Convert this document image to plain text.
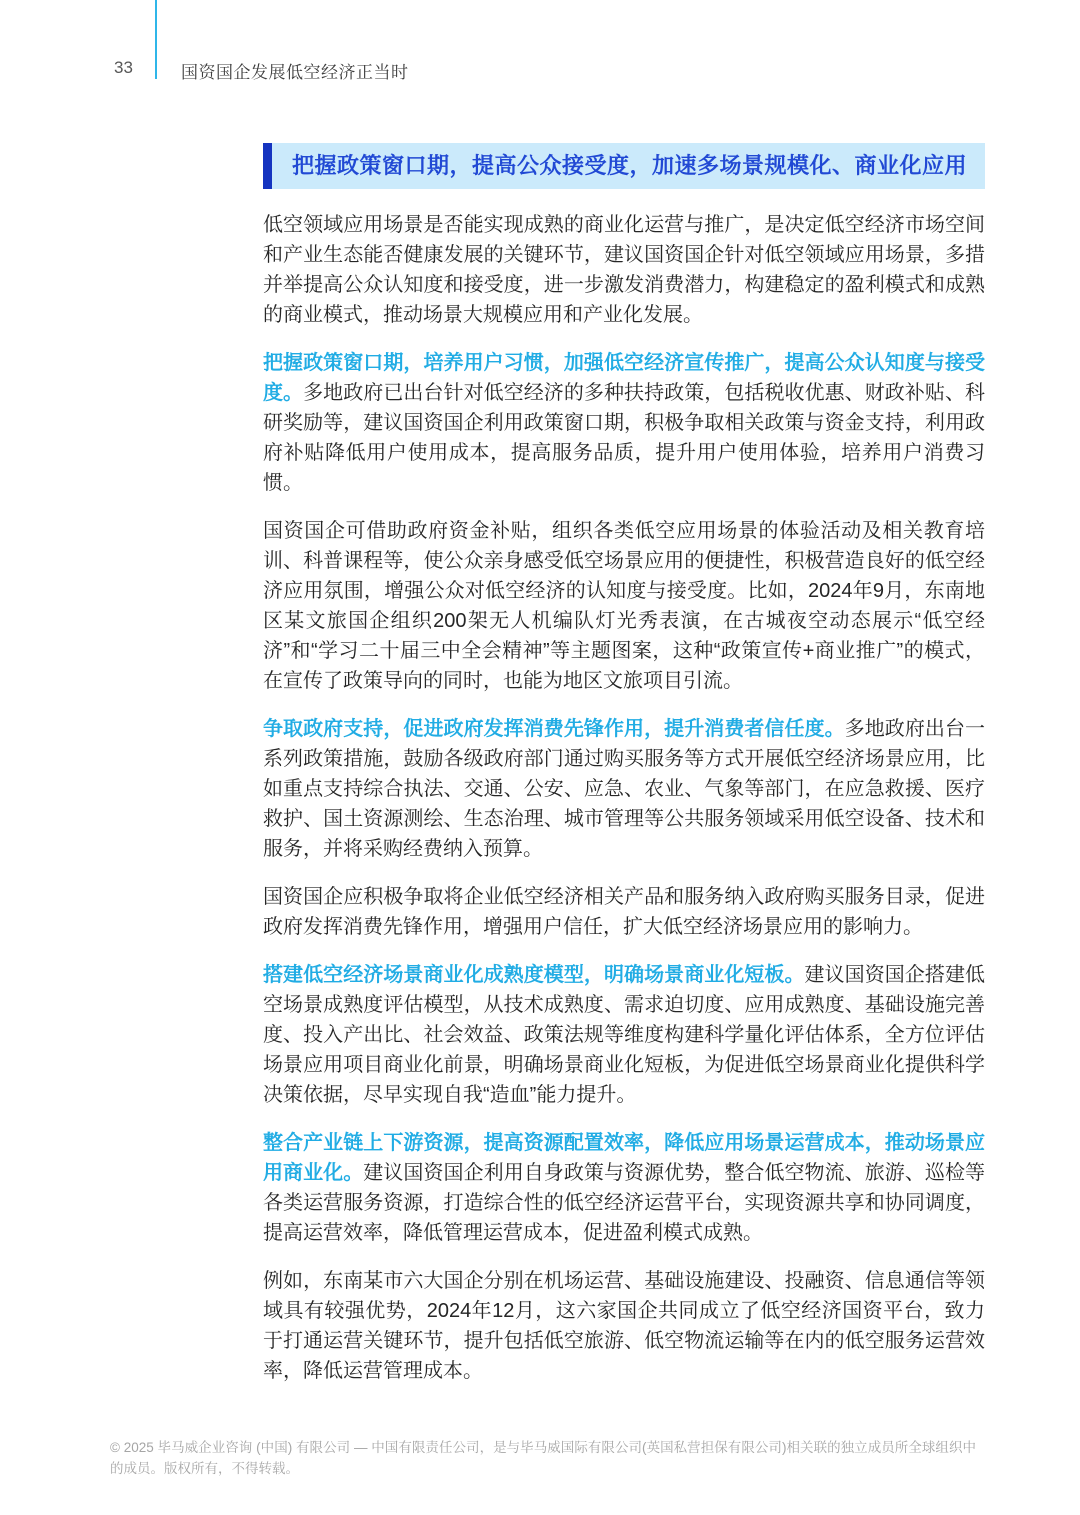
33	国资国企发展低空经济正当时
把握政策窗口期，提高公众接受度，加速多场景规模化、商业化应用

低空领域应用场景是否能实现成熟的商业化运营与推广，是决定低空经济市场空间和产业生态能否健康发展的关键环节，建议国资国企针对低空领域应用场景，多措并举提高公众认知度和接受度，进一步激发消费潜力，构建稳定的盈利模式和成熟的商业模式，推动场景大规模应用和产业化发展。

把握政策窗口期，培养用户习惯，加强低空经济宣传推广，提高公众认知度与接受度。多地政府已出台针对低空经济的多种扶持政策，包括税收优惠、财政补贴、科研奖励等，建议国资国企利用政策窗口期，积极争取相关政策与资金支持，利用政府补贴降低用户使用成本，提高服务品质，提升用户使用体验，培养用户消费习惯。

国资国企可借助政府资金补贴，组织各类低空应用场景的体验活动及相关教育培训、科普课程等，使公众亲身感受低空场景应用的便捷性，积极营造良好的低空经济应用氛围，增强公众对低空经济的认知度与接受度。比如，2024年9月，东南地区某文旅国企组织200架无人机编队灯光秀表演，在古城夜空动态展示“低空经济”和“学习二十届三中全会精神”等主题图案，这种“政策宣传+商业推广”的模式，在宣传了政策导向的同时，也能为地区文旅项目引流。

争取政府支持，促进政府发挥消费先锋作用，提升消费者信任度。多地政府出台一系列政策措施，鼓励各级政府部门通过购买服务等方式开展低空经济场景应用，比如重点支持综合执法、交通、公安、应急、农业、气象等部门，在应急救援、医疗救护、国土资源测绘、生态治理、城市管理等公共服务领域采用低空设备、技术和服务，并将采购经费纳入预算。

国资国企应积极争取将企业低空经济相关产品和服务纳入政府购买服务目录，促进政府发挥消费先锋作用，增强用户信任，扩大低空经济场景应用的影响力。

搭建低空经济场景商业化成熟度模型，明确场景商业化短板。建议国资国企搭建低空场景成熟度评估模型，从技术成熟度、需求迫切度、应用成熟度、基础设施完善度、投入产出比、社会效益、政策法规等维度构建科学量化评估体系，全方位评估场景应用项目商业化前景，明确场景商业化短板，为促进低空场景商业化提供科学决策依据，尽早实现自我“造血”能力提升。

整合产业链上下游资源，提高资源配置效率，降低应用场景运营成本，推动场景应用商业化。建议国资国企利用自身政策与资源优势，整合低空物流、旅游、巡检等各类运营服务资源，打造综合性的低空经济运营平台，实现资源共享和协同调度，提高运营效率，降低管理运营成本，促进盈利模式成熟。

例如，东南某市六大国企分别在机场运营、基础设施建设、投融资、信息通信等领域具有较强优势，2024年12月，这六家国企共同成立了低空经济国资平台，致力于打通运营关键环节，提升包括低空旅游、低空物流运输等在内的低空服务运营效率，降低运营管理成本。

© 2025 毕马威企业咨询 (中国) 有限公司 — 中国有限责任公司，是与毕马威国际有限公司(英国私营担保有限公司)相关联的独立成员所全球组织中的成员。版权所有，不得转载。
